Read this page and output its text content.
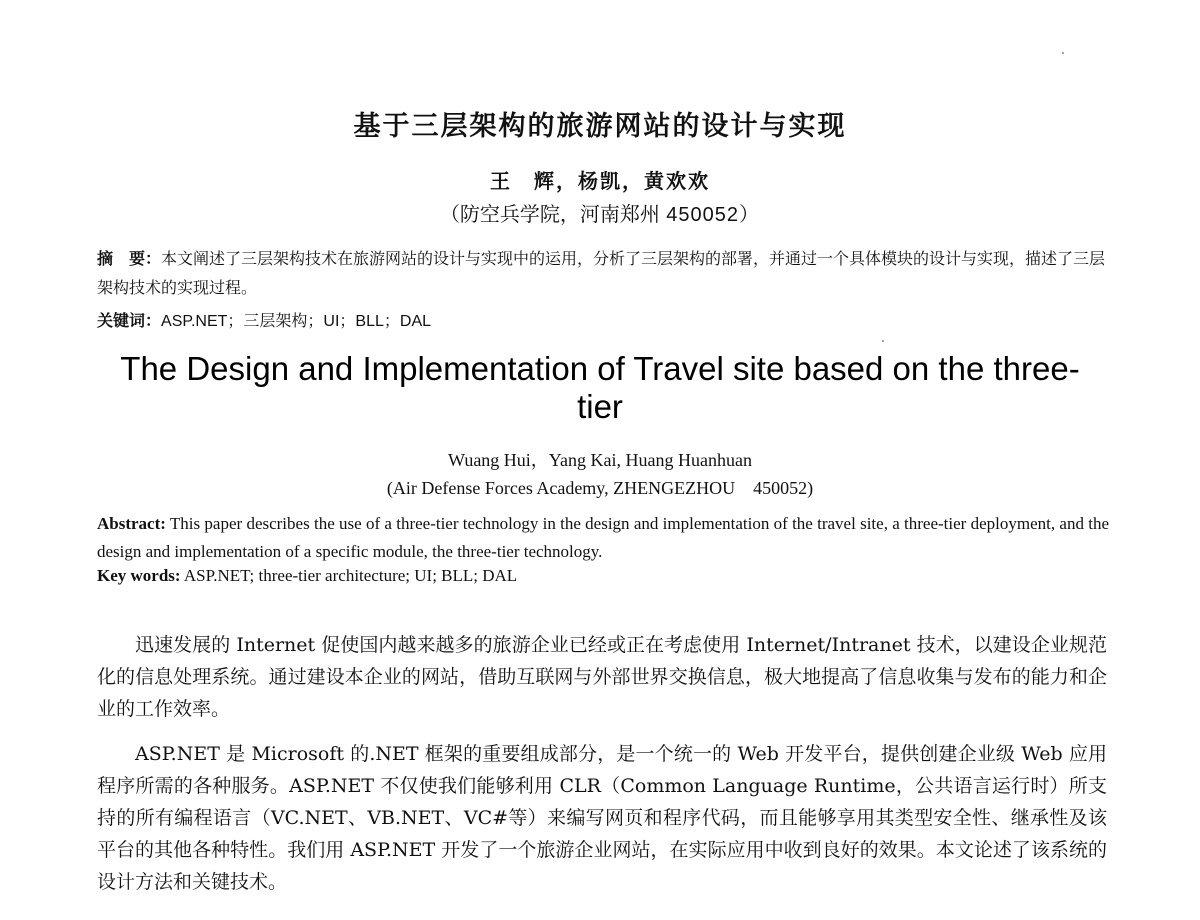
基于三层架构的旅游网站的设计与实现
王　辉，杨凯，黄欢欢
（防空兵学院，河南郑州 450052）
摘　要：本文阐述了三层架构技术在旅游网站的设计与实现中的运用，分析了三层架构的部署，并通过一个具体模块的设计与实现，描述了三层架构技术的实现过程。
关键词：ASP.NET；三层架构；UI；BLL；DAL
The Design and Implementation of Travel site based on the three-tier
Wuang Hui，Yang Kai, Huang Huanhuan
(Air Defense Forces Academy, ZHENGEZHOU　450052)
Abstract: This paper describes the use of a three-tier technology in the design and implementation of the travel site, a three-tier deployment, and the design and implementation of a specific module, the three-tier technology.
Key words: ASP.NET; three-tier architecture; UI; BLL; DAL
迅速发展的 Internet 促使国内越来越多的旅游企业已经或正在考虑使用 Internet/Intranet 技术，以建设企业规范化的信息处理系统。通过建设本企业的网站，借助互联网与外部世界交换信息，极大地提高了信息收集与发布的能力和企业的工作效率。
ASP.NET 是 Microsoft 的.NET 框架的重要组成部分，是一个统一的 Web 开发平台，提供创建企业级 Web 应用程序所需的各种服务。ASP.NET 不仅使我们能够利用 CLR（Common Language Runtime，公共语言运行时）所支持的所有编程语言（VC.NET、VB.NET、VC#等）来编写网页和程序代码，而且能够享用其类型安全性、继承性及该平台的其他各种特性。我们用 ASP.NET 开发了一个旅游企业网站，在实际应用中收到良好的效果。本文论述了该系统的设计方法和关键技术。
